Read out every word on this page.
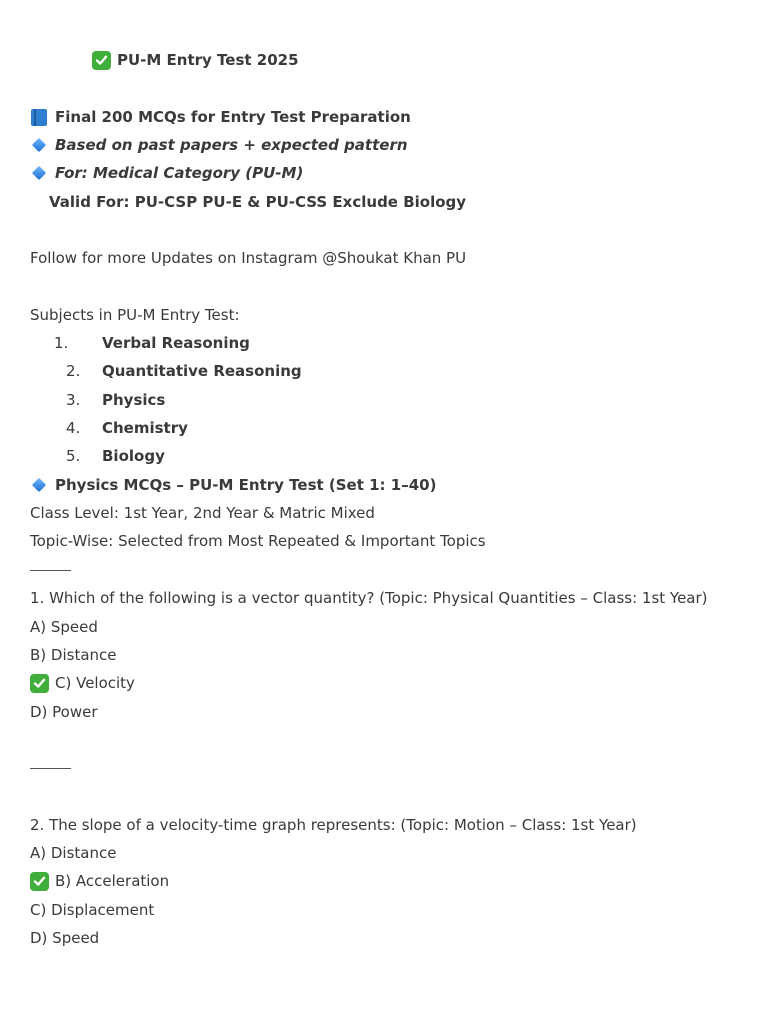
PU-M Entry Test 2025
Final 200 MCQs for Entry Test Preparation
Based on past papers + expected pattern
For: Medical Category (PU-M)
Valid For: PU-CSP PU-E & PU-CSS Exclude Biology
Follow for more Updates on Instagram @Shoukat Khan PU
Subjects in PU-M Entry Test:
1.	Verbal Reasoning
2.	Quantitative Reasoning
3.	Physics
4.	Chemistry
5.	Biology
Physics MCQs – PU-M Entry Test (Set 1: 1–40)
Class Level: 1st Year, 2nd Year & Matric Mixed
Topic-Wise: Selected from Most Repeated & Important Topics
1. Which of the following is a vector quantity? (Topic: Physical Quantities – Class: 1st Year)
A) Speed
B) Distance
C) Velocity
D) Power
2. The slope of a velocity-time graph represents: (Topic: Motion – Class: 1st Year)
A) Distance
B) Acceleration
C) Displacement
D) Speed
